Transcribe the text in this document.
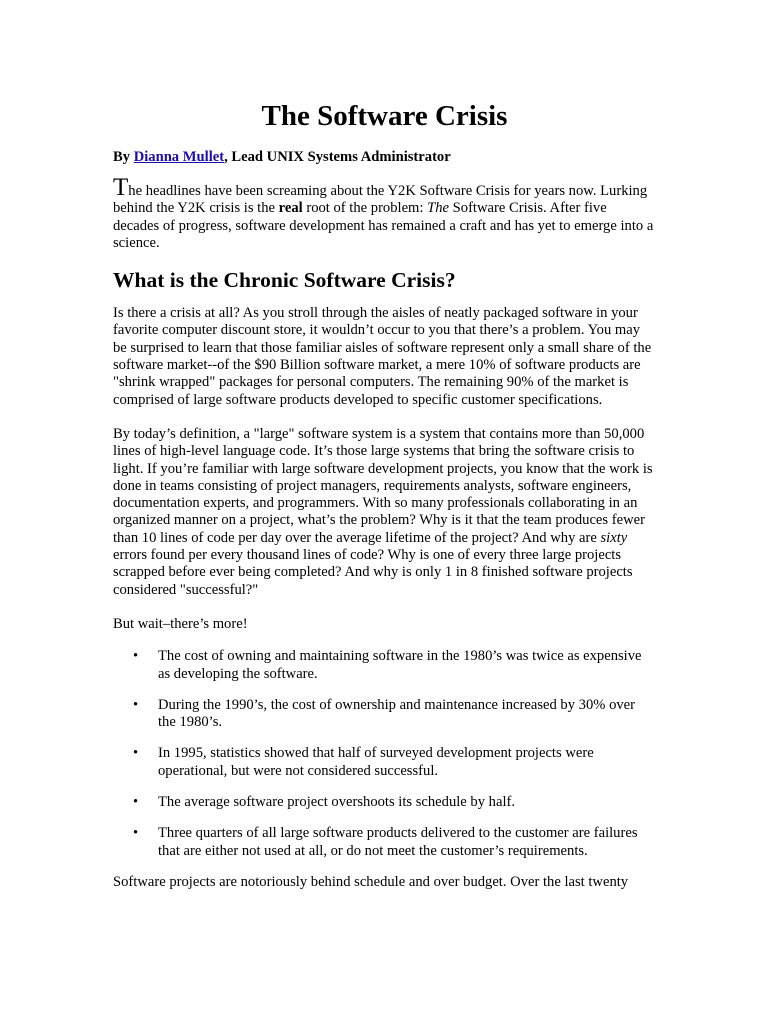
The Software Crisis

By Dianna Mullet, Lead UNIX Systems Administrator

The headlines have been screaming about the Y2K Software Crisis for years now. Lurking behind the Y2K crisis is the real root of the problem: The Software Crisis. After five decades of progress, software development has remained a craft and has yet to emerge into a science.

What is the Chronic Software Crisis?

Is there a crisis at all? As you stroll through the aisles of neatly packaged software in your favorite computer discount store, it wouldn’t occur to you that there’s a problem. You may be surprised to learn that those familiar aisles of software represent only a small share of the software market--of the $90 Billion software market, a mere 10% of software products are "shrink wrapped" packages for personal computers. The remaining 90% of the market is comprised of large software products developed to specific customer specifications.

By today’s definition, a "large" software system is a system that contains more than 50,000 lines of high-level language code. It’s those large systems that bring the software crisis to light. If you’re familiar with large software development projects, you know that the work is done in teams consisting of project managers, requirements analysts, software engineers, documentation experts, and programmers. With so many professionals collaborating in an organized manner on a project, what’s the problem? Why is it that the team produces fewer than 10 lines of code per day over the average lifetime of the project? And why are sixty errors found per every thousand lines of code? Why is one of every three large projects scrapped before ever being completed? And why is only 1 in 8 finished software projects considered "successful?"

But wait–there’s more!

• The cost of owning and maintaining software in the 1980’s was twice as expensive as developing the software.
• During the 1990’s, the cost of ownership and maintenance increased by 30% over the 1980’s.
• In 1995, statistics showed that half of surveyed development projects were operational, but were not considered successful.
• The average software project overshoots its schedule by half.
• Three quarters of all large software products delivered to the customer are failures that are either not used at all, or do not meet the customer’s requirements.

Software projects are notoriously behind schedule and over budget. Over the last twenty
